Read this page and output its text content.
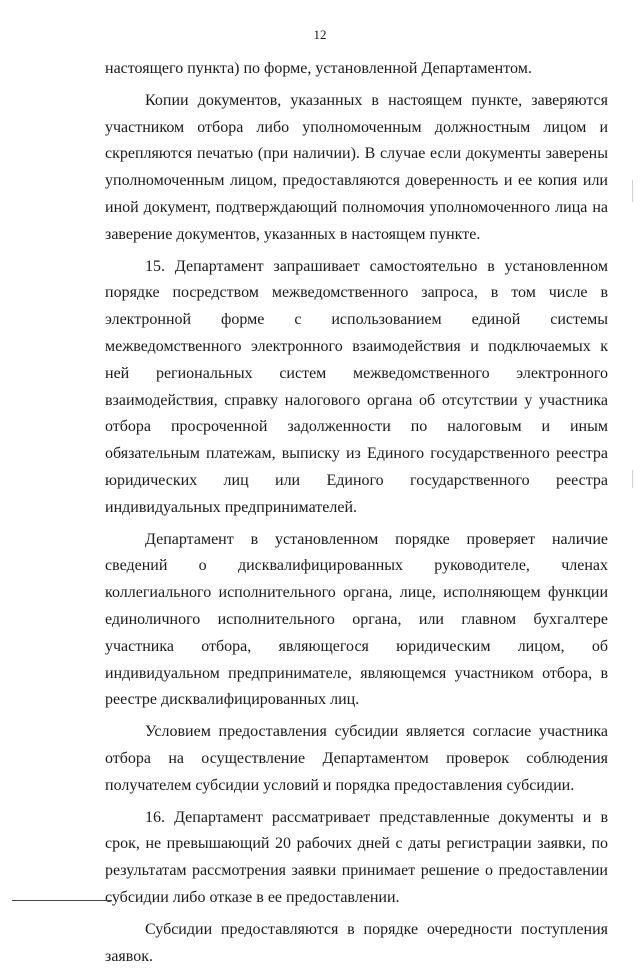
12

настоящего пункта) по форме, установленной Департаментом.

Копии документов, указанных в настоящем пункте, заверяются участником отбора либо уполномоченным должностным лицом и скрепляются печатью (при наличии). В случае если документы заверены уполномоченным лицом, предоставляются доверенность и ее копия или иной документ, подтверждающий полномочия уполномоченного лица на заверение документов, указанных в настоящем пункте.

15. Департамент запрашивает самостоятельно в установленном порядке посредством межведомственного запроса, в том числе в электронной форме с использованием единой системы межведомственного электронного взаимодействия и подключаемых к ней региональных систем межведомственного электронного взаимодействия, справку налогового органа об отсутствии у участника отбора просроченной задолженности по налоговым и иным обязательным платежам, выписку из Единого государственного реестра юридических лиц или Единого государственного реестра индивидуальных предпринимателей.

Департамент в установленном порядке проверяет наличие сведений о дисквалифицированных руководителе, членах коллегиального исполнительного органа, лице, исполняющем функции единоличного исполнительного органа, или главном бухгалтере участника отбора, являющегося юридическим лицом, об индивидуальном предпринимателе, являющемся участником отбора, в реестре дисквалифицированных лиц.

Условием предоставления субсидии является согласие участника отбора на осуществление Департаментом проверок соблюдения получателем субсидии условий и порядка предоставления субсидии.

16. Департамент рассматривает представленные документы и в срок, не превышающий 20 рабочих дней с даты регистрации заявки, по результатам рассмотрения заявки принимает решение о предоставлении субсидии либо отказе в ее предоставлении.

Субсидии предоставляются в порядке очередности поступления заявок.
